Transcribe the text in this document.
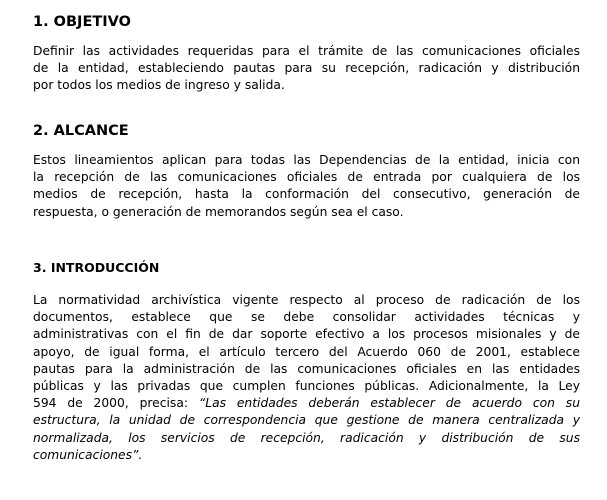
1. OBJETIVO

Definir las actividades requeridas para el trámite de las comunicaciones oficiales
de la entidad, estableciendo pautas para su recepción, radicación y distribución
por todos los medios de ingreso y salida.

2. ALCANCE

Estos lineamientos aplican para todas las Dependencias de la entidad, inicia con
la recepción de las comunicaciones oficiales de entrada por cualquiera de los
medios de recepción, hasta la conformación del consecutivo, generación de
respuesta, o generación de memorandos según sea el caso.

3. INTRODUCCIÓN

La normatividad archivística vigente respecto al proceso de radicación de los
documentos, establece que se debe consolidar actividades técnicas y
administrativas con el fin de dar soporte efectivo a los procesos misionales y de
apoyo, de igual forma, el artículo tercero del Acuerdo 060 de 2001, establece
pautas para la administración de las comunicaciones oficiales en las entidades
públicas y las privadas que cumplen funciones públicas. Adicionalmente, la Ley
594 de 2000, precisa: “Las entidades deberán establecer de acuerdo con su
estructura, la unidad de correspondencia que gestione de manera centralizada y
normalizada, los servicios de recepción, radicación y distribución de sus
comunicaciones”.
